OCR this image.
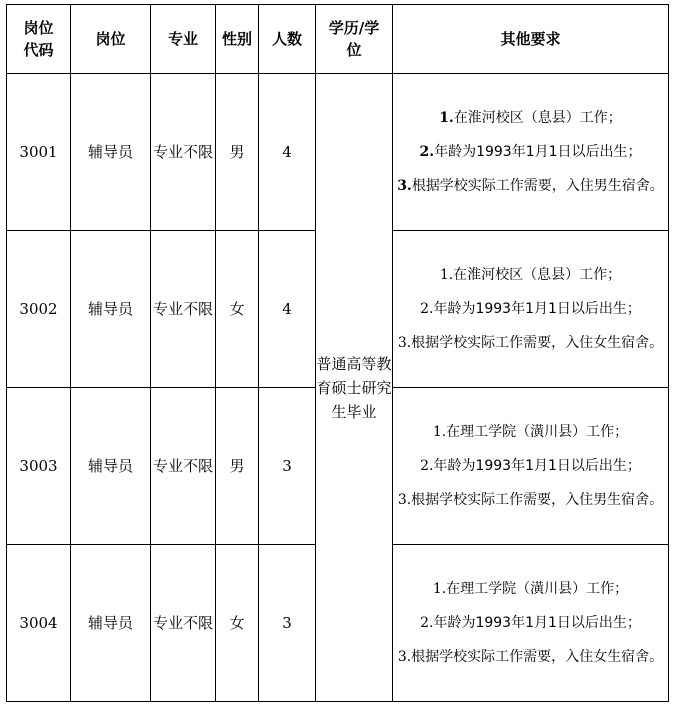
岗位代码	岗位	专业	性别	人数	学历/学位	其他要求
3001	辅导员	专业不限	男	4	普通高等教育硕士研究生毕业	1.在淮河校区（息县）工作；
2.年龄为1993年1月1日以后出生；
3.根据学校实际工作需要，入住男生宿舍。

3002	辅导员	专业不限	女	4		1.在淮河校区（息县）工作；
2.年龄为1993年1月1日以后出生；
3.根据学校实际工作需要，入住女生宿舍。

3003	辅导员	专业不限	男	3		1.在理工学院（潢川县）工作；
2.年龄为1993年1月1日以后出生；
3.根据学校实际工作需要，入住男生宿舍。

3004	辅导员	专业不限	女	3		1.在理工学院（潢川县）工作；
2.年龄为1993年1月1日以后出生；
3.根据学校实际工作需要，入住女生宿舍。
